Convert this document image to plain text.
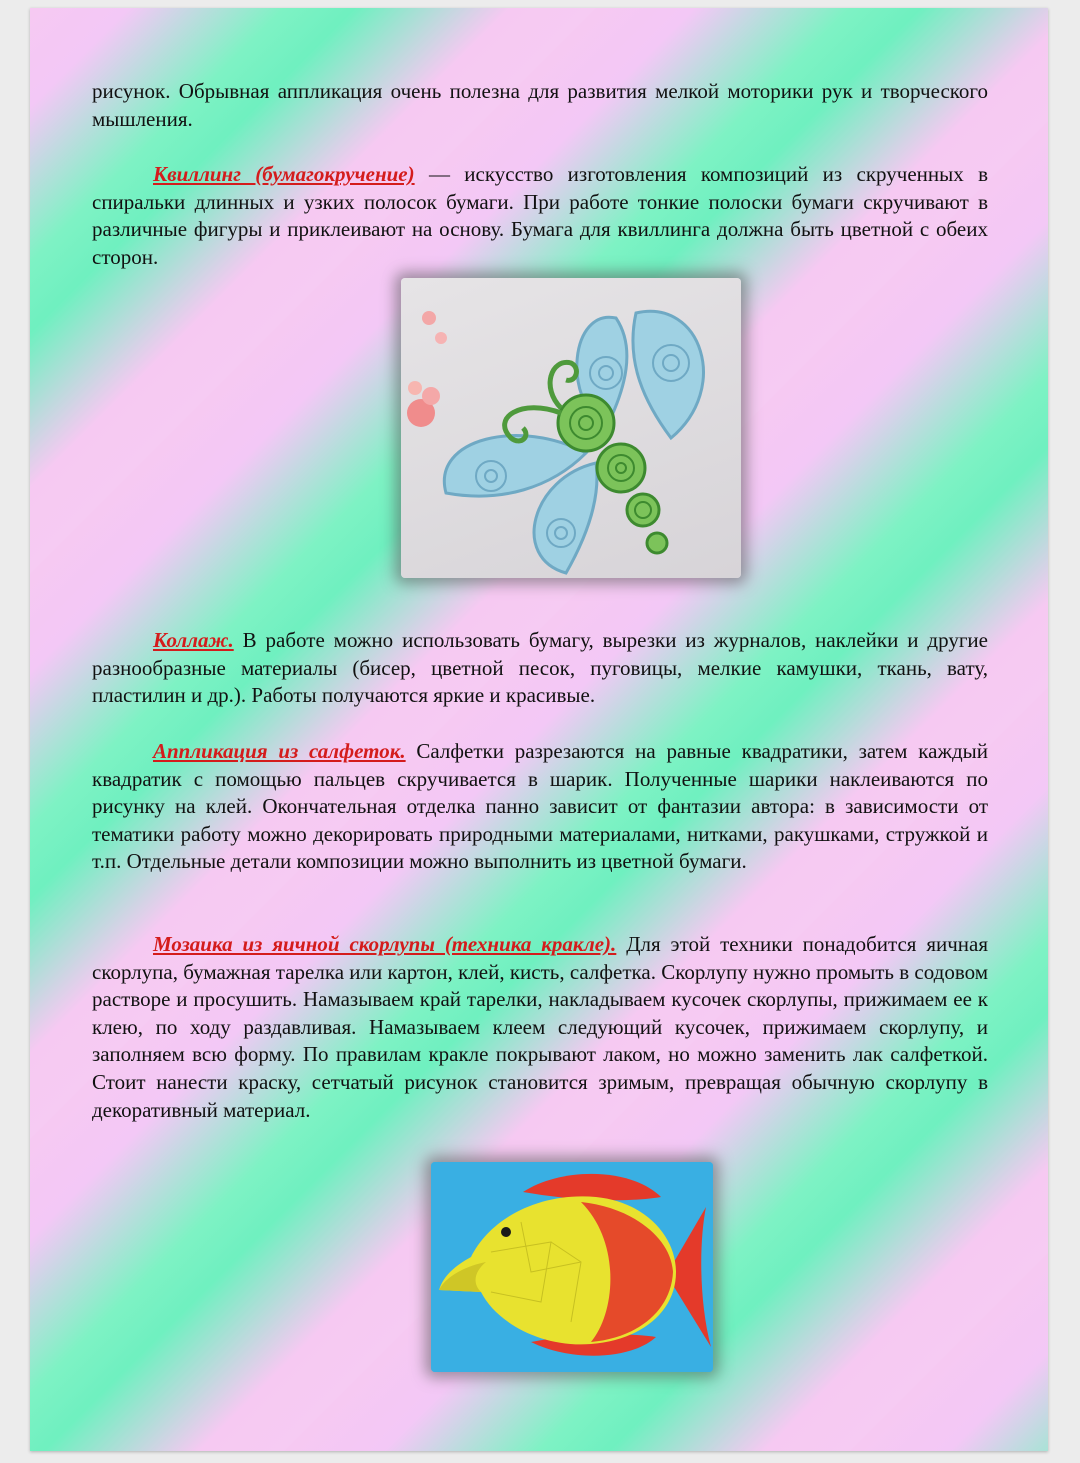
рисунок. Обрывная аппликация очень полезна для развития мелкой моторики рук и творческого мышления.

Квиллинг (бумагокручение) — искусство изготовления композиций из скрученных в спиральки длинных и узких полосок бумаги. При работе тонкие полоски бумаги скручивают в различные фигуры и приклеивают на основу. Бумага для квиллинга должна быть цветной с обеих сторон.

Коллаж. В работе можно использовать бумагу, вырезки из журналов, наклейки и другие разнообразные материалы (бисер, цветной песок, пуговицы, мелкие камушки, ткань, вату, пластилин и др.). Работы получаются яркие и красивые.

Аппликация из салфеток. Салфетки разрезаются на равные квадратики, затем каждый квадратик с помощью пальцев скручивается в шарик. Полученные шарики наклеиваются по рисунку на клей. Окончательная отделка панно зависит от фантазии автора: в зависимости от тематики работу можно декорировать природными материалами, нитками, ракушками, стружкой и т.п. Отдельные детали композиции можно выполнить из цветной бумаги.

Мозаика из яичной скорлупы (техника кракле). Для этой техники понадобится яичная скорлупа, бумажная тарелка или картон, клей, кисть, салфетка. Скорлупу нужно промыть в содовом растворе и просушить. Намазываем край тарелки, накладываем кусочек скорлупы, прижимаем ее к клею, по ходу раздавливая. Намазываем клеем следующий кусочек, прижимаем скорлупу, и заполняем всю форму. По правилам кракле покрывают лаком, но можно заменить лак салфеткой. Стоит нанести краску, сетчатый рисунок становится зримым, превращая обычную скорлупу в декоративный материал.
